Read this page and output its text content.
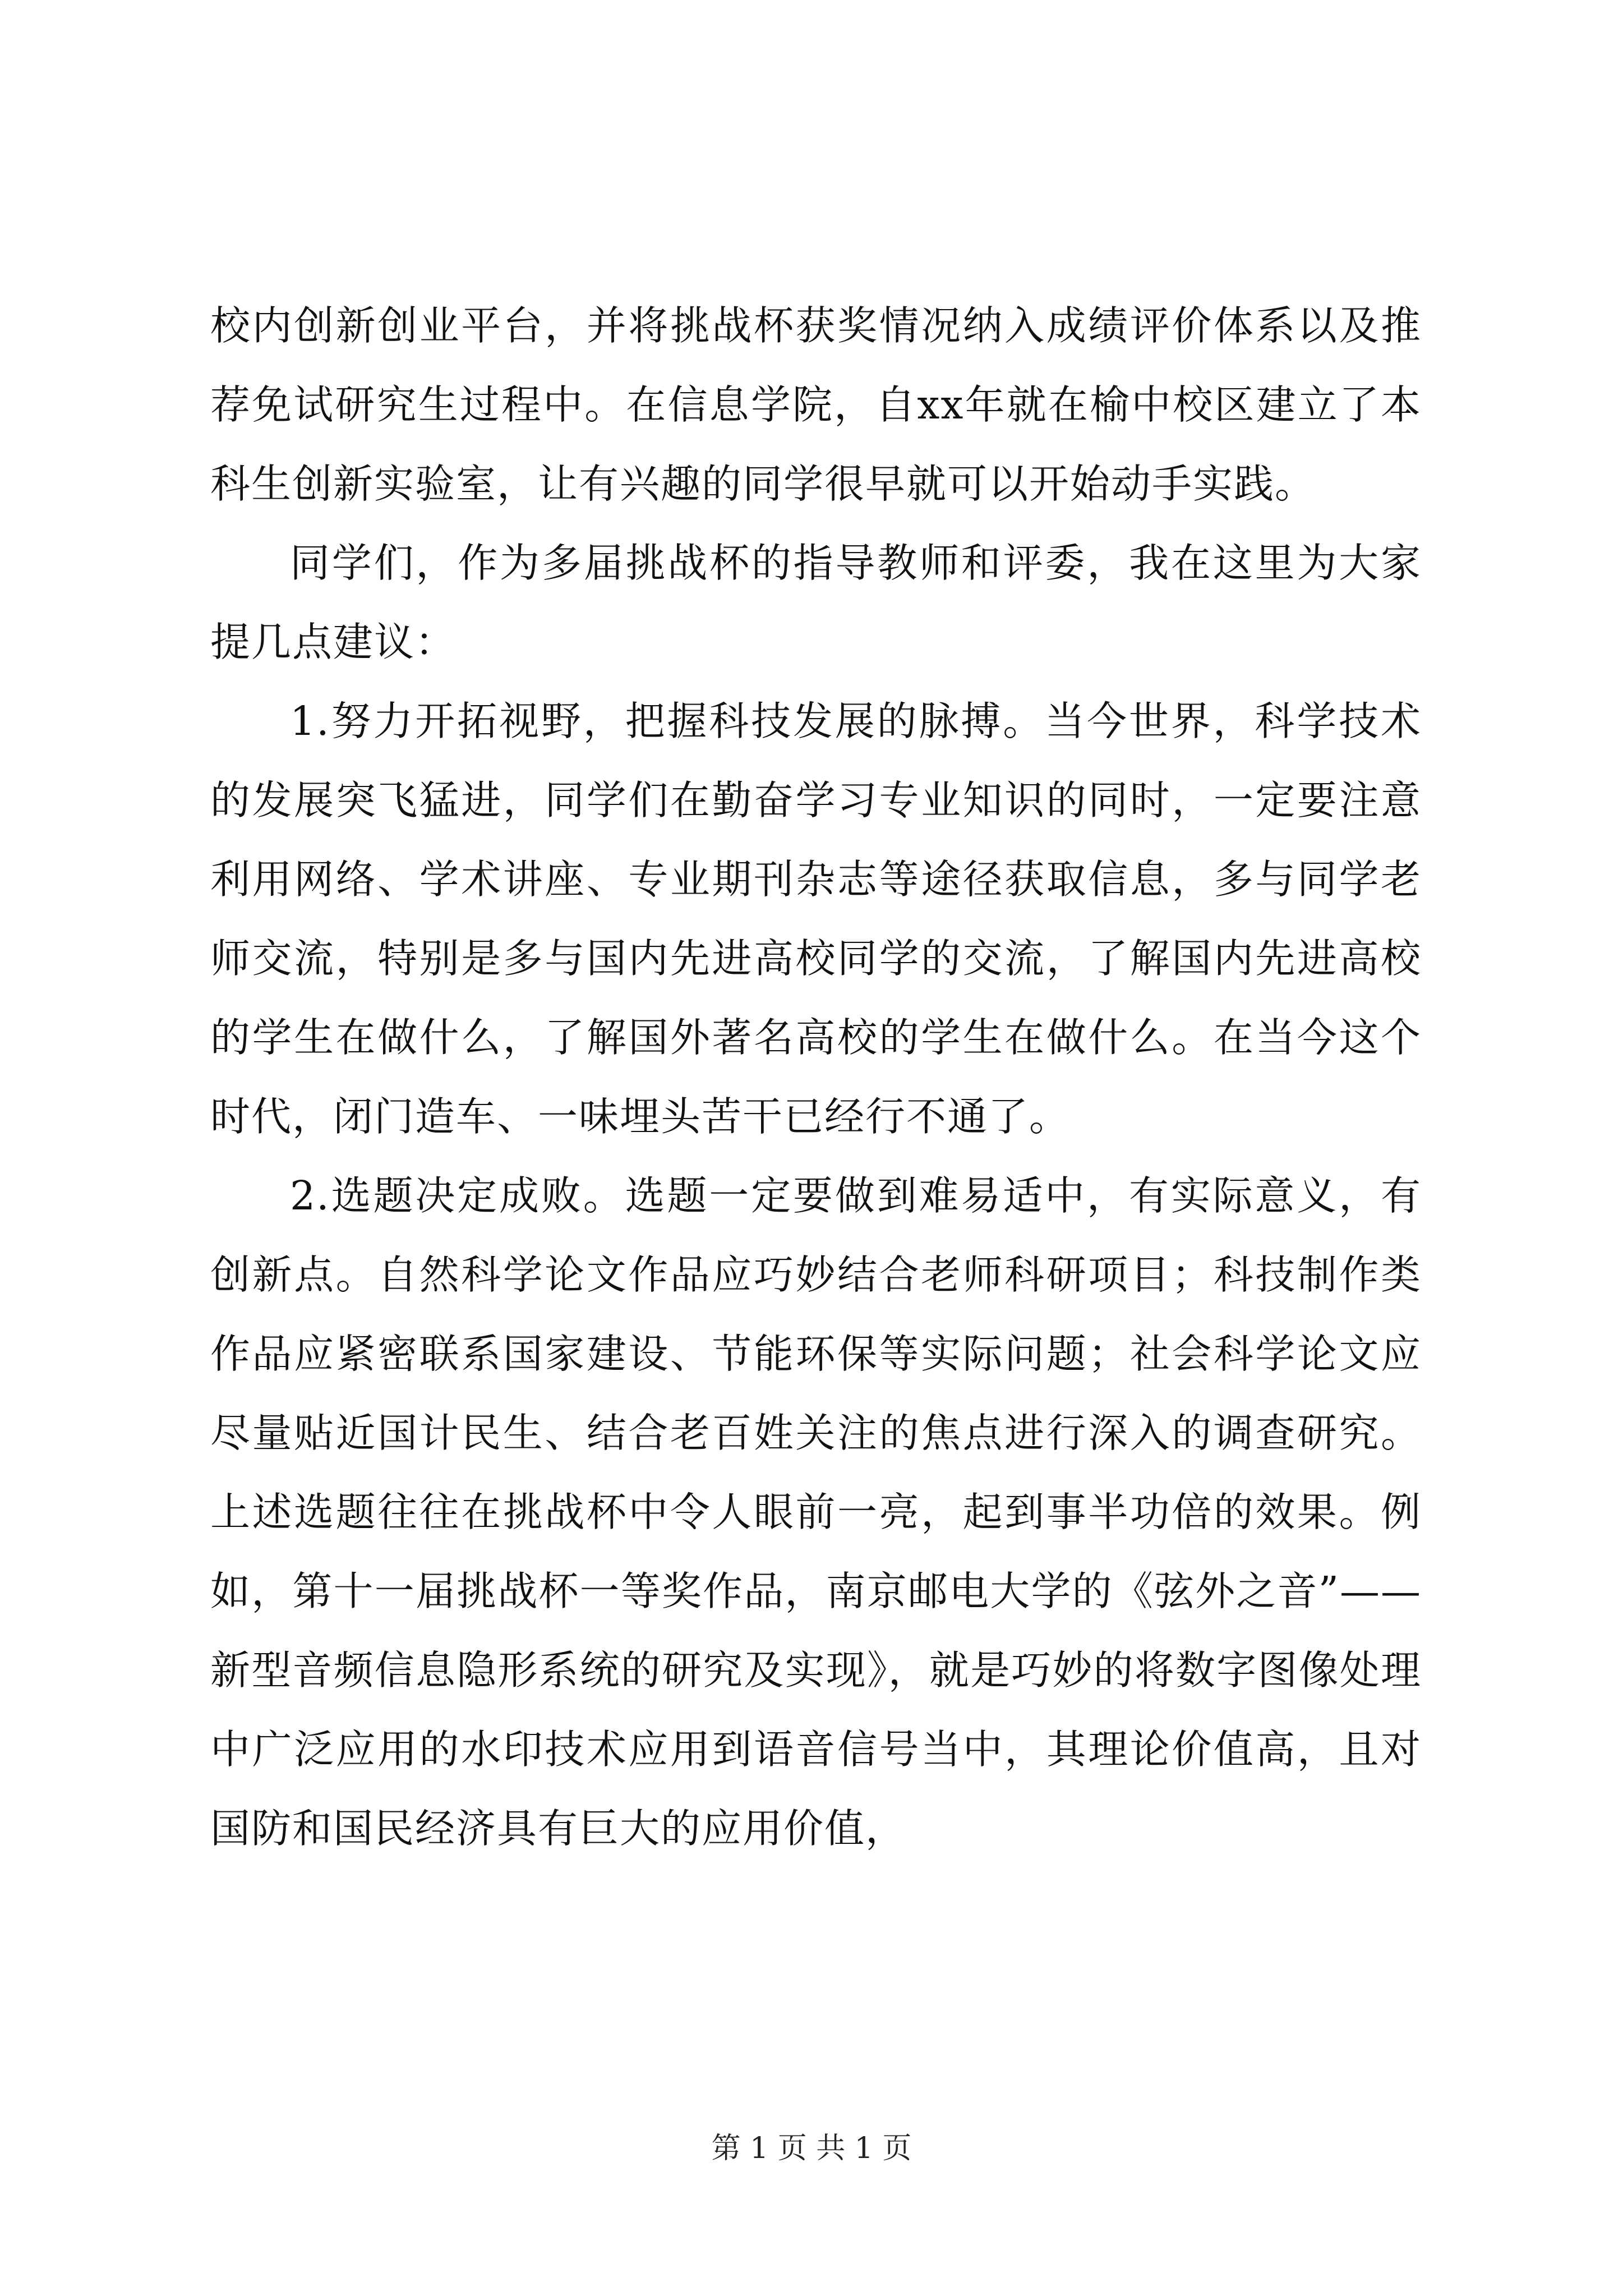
校内创新创业平台，并将挑战杯获奖情况纳入成绩评价体系以及推荐免试研究生过程中。在信息学院，自xx年就在榆中校区建立了本科生创新实验室，让有兴趣的同学很早就可以开始动手实践。

同学们，作为多届挑战杯的指导教师和评委，我在这里为大家提几点建议：

1.努力开拓视野，把握科技发展的脉搏。当今世界，科学技术的发展突飞猛进，同学们在勤奋学习专业知识的同时，一定要注意利用网络、学术讲座、专业期刊杂志等途径获取信息，多与同学老师交流，特别是多与国内先进高校同学的交流，了解国内先进高校的学生在做什么，了解国外著名高校的学生在做什么。在当今这个时代，闭门造车、一味埋头苦干已经行不通了。

2.选题决定成败。选题一定要做到难易适中，有实际意义，有创新点。自然科学论文作品应巧妙结合老师科研项目；科技制作类作品应紧密联系国家建设、节能环保等实际问题；社会科学论文应尽量贴近国计民生、结合老百姓关注的焦点进行深入的调查研究。上述选题往往在挑战杯中令人眼前一亮，起到事半功倍的效果。例如，第十一届挑战杯一等奖作品，南京邮电大学的《弦外之音”——新型音频信息隐形系统的研究及实现》，就是巧妙的将数字图像处理中广泛应用的水印技术应用到语音信号当中，其理论价值高，且对国防和国民经济具有巨大的应用价值，

第 1 页 共 1 页
